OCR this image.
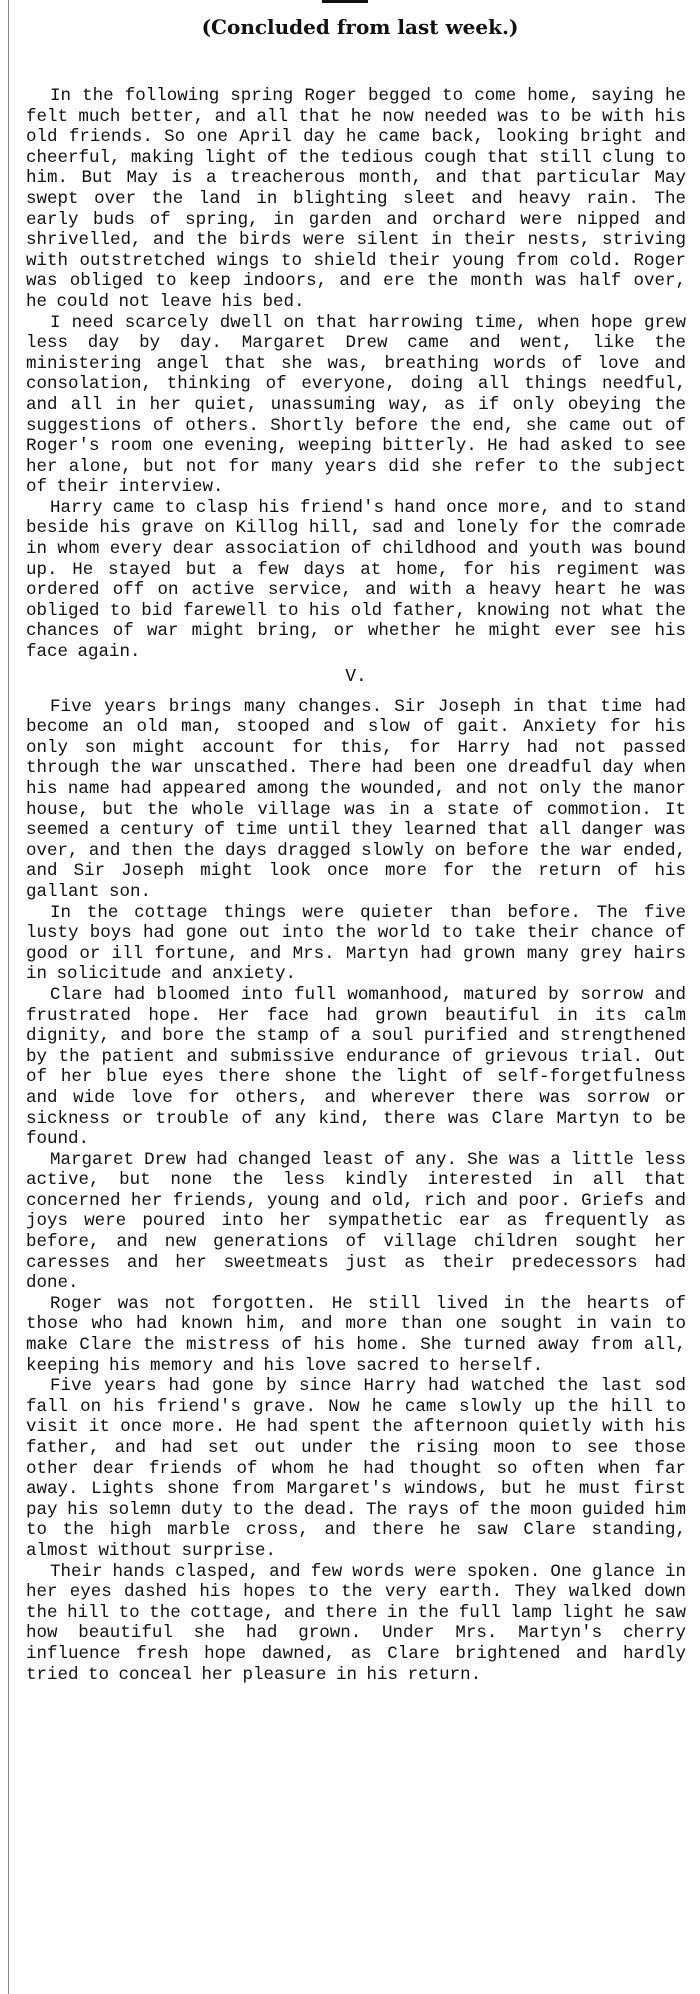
(Concluded from last week.)

In the following spring Roger begged to come home, saying he felt much better, and all that he now needed was to be with his old friends. So one April day he came back, looking bright and cheerful, making light of the tedious cough that still clung to him. But May is a treacherous month, and that particular May swept over the land in blighting sleet and heavy rain. The early buds of spring, in garden and orchard were nipped and shrivelled, and the birds were silent in their nests, striving with outstretched wings to shield their young from cold. Roger was obliged to keep indoors, and ere the month was half over, he could not leave his bed.

I need scarcely dwell on that harrowing time, when hope grew less day by day. Margaret Drew came and went, like the ministering angel that she was, breathing words of love and consolation, thinking of everyone, doing all things needful, and all in her quiet, unassuming way, as if only obeying the suggestions of others. Shortly before the end, she came out of Roger's room one evening, weeping bitterly. He had asked to see her alone, but not for many years did she refer to the subject of their interview.

Harry came to clasp his friend's hand once more, and to stand beside his grave on Killog hill, sad and lonely for the comrade in whom every dear association of childhood and youth was bound up. He stayed but a few days at home, for his regiment was ordered off on active service, and with a heavy heart he was obliged to bid farewell to his old father, knowing not what the chances of war might bring, or whether he might ever see his face again.

V.

Five years brings many changes. Sir Joseph in that time had become an old man, stooped and slow of gait. Anxiety for his only son might account for this, for Harry had not passed through the war unscathed. There had been one dreadful day when his name had appeared among the wounded, and not only the manor house, but the whole village was in a state of commotion. It seemed a century of time until they learned that all danger was over, and then the days dragged slowly on before the war ended, and Sir Joseph might look once more for the return of his gallant son.

In the cottage things were quieter than before. The five lusty boys had gone out into the world to take their chance of good or ill fortune, and Mrs. Martyn had grown many grey hairs in solicitude and anxiety.

Clare had bloomed into full womanhood, matured by sorrow and frustrated hope. Her face had grown beautiful in its calm dignity, and bore the stamp of a soul purified and strengthened by the patient and submissive endurance of grievous trial. Out of her blue eyes there shone the light of self-forgetfulness and wide love for others, and wherever there was sorrow or sickness or trouble of any kind, there was Clare Martyn to be found.

Margaret Drew had changed least of any. She was a little less active, but none the less kindly interested in all that concerned her friends, young and old, rich and poor. Griefs and joys were poured into her sympathetic ear as frequently as before, and new generations of village children sought her caresses and her sweetmeats just as their predecessors had done.

Roger was not forgotten. He still lived in the hearts of those who had known him, and more than one sought in vain to make Clare the mistress of his home. She turned away from all, keeping his memory and his love sacred to herself.

Five years had gone by since Harry had watched the last sod fall on his friend's grave. Now he came slowly up the hill to visit it once more. He had spent the afternoon quietly with his father, and had set out under the rising moon to see those other dear friends of whom he had thought so often when far away. Lights shone from Margaret's windows, but he must first pay his solemn duty to the dead. The rays of the moon guided him to the high marble cross, and there he saw Clare standing, almost without surprise.

Their hands clasped, and few words were spoken. One glance in her eyes dashed his hopes to the very earth. They walked down the hill to the cottage, and there in the full lamp light he saw how beautiful she had grown. Under Mrs. Martyn's cherry influence fresh hope dawned, as Clare brightened and hardly tried to conceal her pleasure in his return.
